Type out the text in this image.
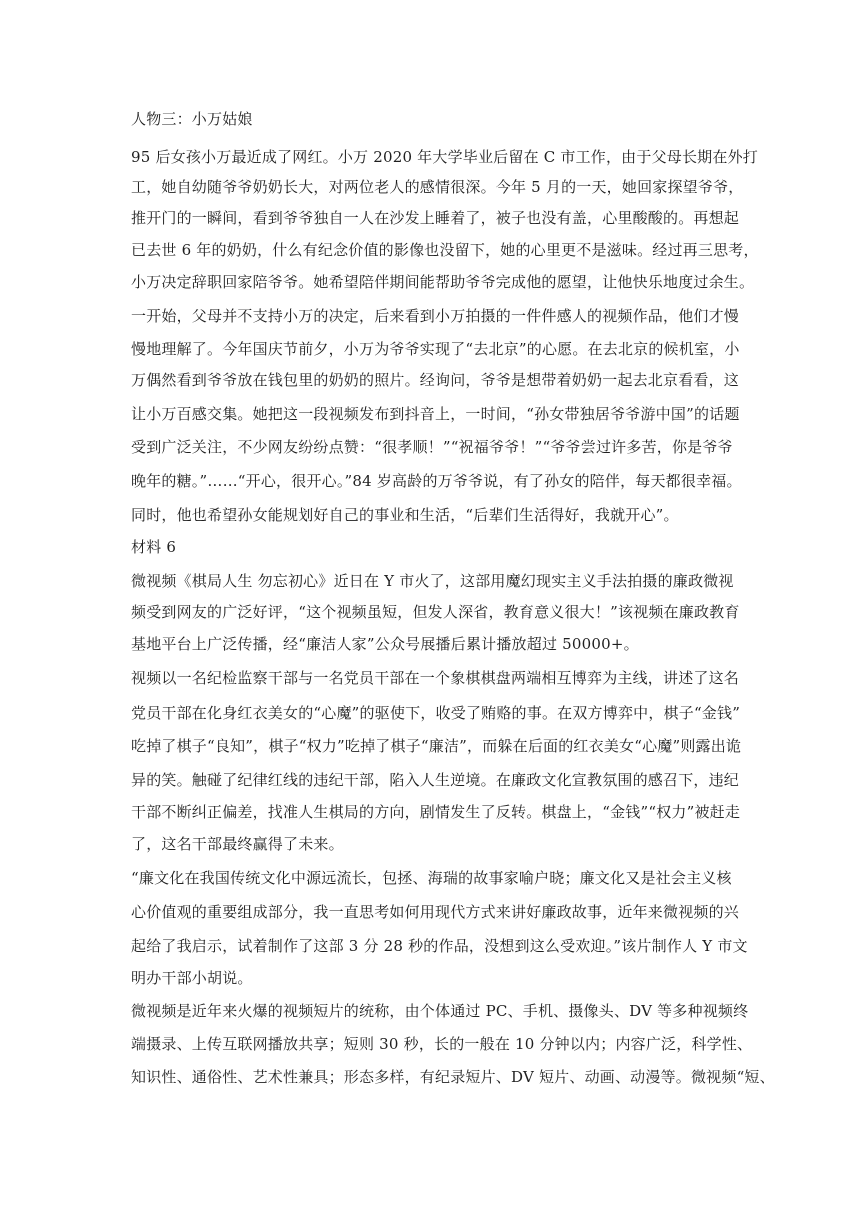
人物三：小万姑娘
95 后女孩小万最近成了网红。小万 2020 年大学毕业后留在 C 市工作，由于父母长期在外打
工，她自幼随爷爷奶奶长大，对两位老人的感情很深。今年 5 月的一天，她回家探望爷爷，
推开门的一瞬间，看到爷爷独自一人在沙发上睡着了，被子也没有盖，心里酸酸的。再想起
已去世 6 年的奶奶，什么有纪念价值的影像也没留下，她的心里更不是滋味。经过再三思考，
小万决定辞职回家陪爷爷。她希望陪伴期间能帮助爷爷完成他的愿望，让他快乐地度过余生。
一开始，父母并不支持小万的决定，后来看到小万拍摄的一件件感人的视频作品，他们才慢
慢地理解了。今年国庆节前夕，小万为爷爷实现了“去北京”的心愿。在去北京的候机室，小
万偶然看到爷爷放在钱包里的奶奶的照片。经询问，爷爷是想带着奶奶一起去北京看看，这
让小万百感交集。她把这一段视频发布到抖音上，一时间，“孙女带独居爷爷游中国”的话题
受到广泛关注，不少网友纷纷点赞：“很孝顺！”“祝福爷爷！”“爷爷尝过许多苦，你是爷爷
晚年的糖。”……“开心，很开心。”84 岁高龄的万爷爷说，有了孙女的陪伴，每天都很幸福。
同时，他也希望孙女能规划好自己的事业和生活，“后辈们生活得好，我就开心”。
材料 6
微视频《棋局人生 勿忘初心》近日在 Y 市火了，这部用魔幻现实主义手法拍摄的廉政微视
频受到网友的广泛好评，“这个视频虽短，但发人深省，教育意义很大！”该视频在廉政教育
基地平台上广泛传播，经“廉洁人家”公众号展播后累计播放超过 50000+。
视频以一名纪检监察干部与一名党员干部在一个象棋棋盘两端相互博弈为主线，讲述了这名
党员干部在化身红衣美女的“心魔”的驱使下，收受了贿赂的事。在双方博弈中，棋子“金钱”
吃掉了棋子“良知”，棋子“权力”吃掉了棋子“廉洁”，而躲在后面的红衣美女“心魔”则露出诡
异的笑。触碰了纪律红线的违纪干部，陷入人生逆境。在廉政文化宣教氛围的感召下，违纪
干部不断纠正偏差，找准人生棋局的方向，剧情发生了反转。棋盘上，“金钱”“权力”被赶走
了，这名干部最终赢得了未来。
“廉文化在我国传统文化中源远流长，包拯、海瑞的故事家喻户晓；廉文化又是社会主义核
心价值观的重要组成部分，我一直思考如何用现代方式来讲好廉政故事，近年来微视频的兴
起给了我启示，试着制作了这部 3 分 28 秒的作品，没想到这么受欢迎。”该片制作人 Y 市文
明办干部小胡说。
微视频是近年来火爆的视频短片的统称，由个体通过 PC、手机、摄像头、DV 等多种视频终
端摄录、上传互联网播放共享；短则 30 秒，长的一般在 10 分钟以内；内容广泛，科学性、
知识性、通俗性、艺术性兼具；形态多样，有纪录短片、DV 短片、动画、动漫等。微视频“短、
